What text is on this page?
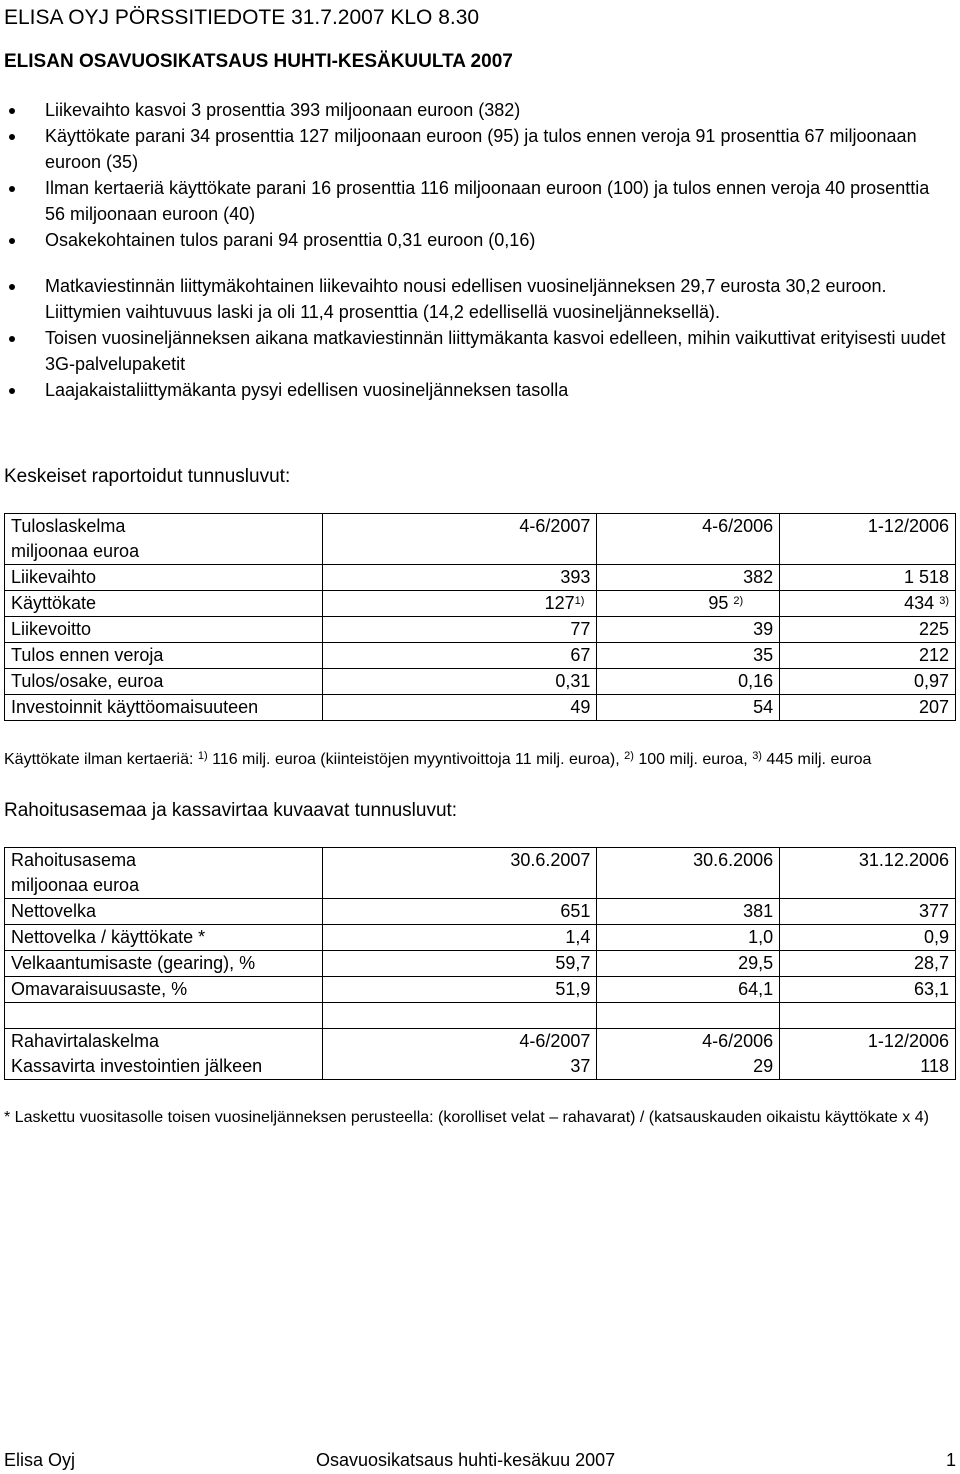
ELISA OYJ PÖRSSITIEDOTE 31.7.2007 KLO 8.30

ELISAN OSAVUOSIKATSAUS HUHTI-KESÄKUULTA 2007

Liikevaihto kasvoi 3 prosenttia 393 miljoonaan euroon (382)
Käyttökate parani 34 prosenttia 127 miljoonaan euroon (95) ja tulos ennen veroja 91 prosenttia 67 miljoonaan euroon (35)
Ilman kertaeriä käyttökate parani 16 prosenttia 116 miljoonaan euroon (100) ja tulos ennen veroja 40 prosenttia 56 miljoonaan euroon (40)
Osakekohtainen tulos parani 94 prosenttia 0,31 euroon (0,16)
Matkaviestinnän liittymäkohtainen liikevaihto nousi edellisen vuosineljänneksen 29,7 eurosta 30,2 euroon. Liittymien vaihtuvuus laski ja oli 11,4 prosenttia (14,2 edellisellä vuosineljänneksellä).
Toisen vuosineljänneksen aikana matkaviestinnän liittymäkanta kasvoi edelleen, mihin vaikuttivat erityisesti uudet 3G-palvelupaketit
Laajakaistaliittymäkanta pysyi edellisen vuosineljänneksen tasolla

Keskeiset raportoidut tunnusluvut:

Tuloslaskelma	4-6/2007	4-6/2006	1-12/2006
miljoonaa euroa			
Liikevaihto	393	382	1 518
Käyttökate	127$^{1)}$	95 $^{2)}$	434 $^{3)}$
Liikevoitto	77	39	225
Tulos ennen veroja	67	35	212
Tulos/osake, euroa	0,31	0,16	0,97
Investoinnit käyttöomaisuuteen	49	54	207

Käyttökate ilman kertaeriä: $^{1)}$ 116 milj. euroa (kiinteistöjen myyntivoittoja 11 milj. euroa), $^{2)}$ 100 milj. euroa, $^{3)}$ 445 milj. euroa

Rahoitusasemaa ja kassavirtaa kuvaavat tunnusluvut:

Rahoitusasema	30.6.2007	30.6.2006	31.12.2006
miljoonaa euroa			
Nettovelka	651	381	377
Nettovelka / käyttökate *	1,4	1,0	0,9
Velkaantumisaste (gearing), %	59,7	29,5	28,7
Omavaraisuusaste, %	51,9	64,1	63,1

Rahavirtalaskelma	4-6/2007	4-6/2006	1-12/2006
Kassavirta investointien jälkeen	37	29	118

* Laskettu vuositasolle toisen vuosineljänneksen perusteella: (korolliset velat – rahavarat) / (katsauskauden oikaistu käyttökate x 4)

Elisa Oyj	Osavuosikatsaus huhti-kesäkuu 2007	1
